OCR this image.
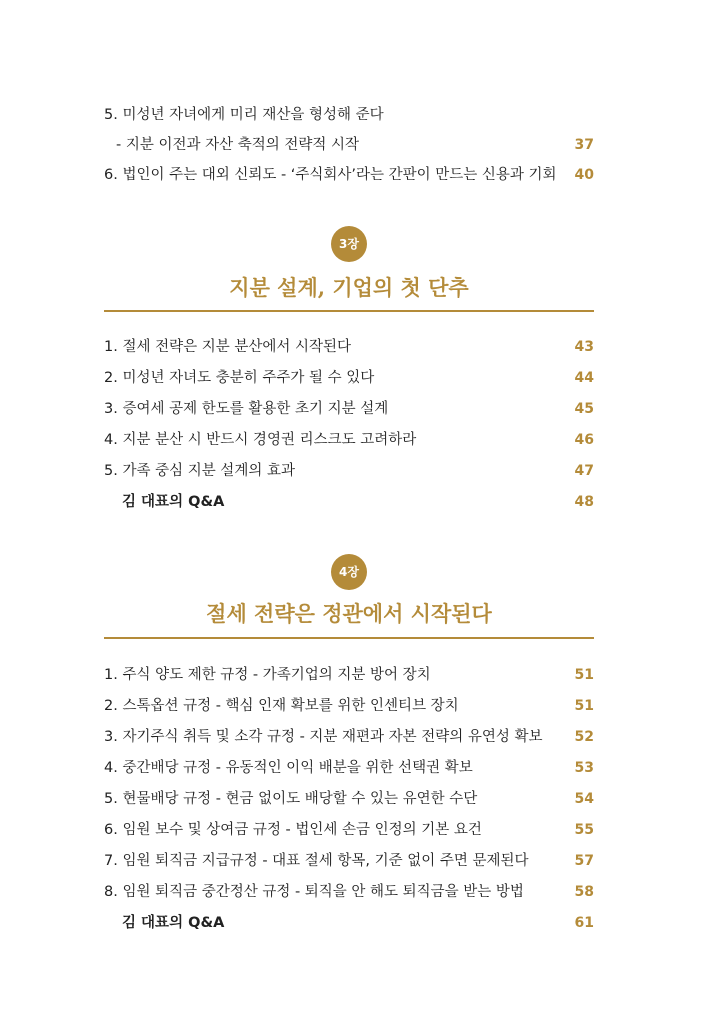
5. 미성년 자녀에게 미리 재산을 형성해 준다
- 지분 이전과 자산 축적의 전략적 시작	37
6. 법인이 주는 대외 신뢰도 - ‘주식회사’라는 간판이 만드는 신용과 기회 40
3장
지분 설계, 기업의 첫 단추
1. 절세 전략은 지분 분산에서 시작된다	43
2. 미성년 자녀도 충분히 주주가 될 수 있다	44
3. 증여세 공제 한도를 활용한 초기 지분 설계	45
4. 지분 분산 시 반드시 경영권 리스크도 고려하라	46
5. 가족 중심 지분 설계의 효과	47
김 대표의 Q&A	48
4장
절세 전략은 정관에서 시작된다
1. 주식 양도 제한 규정 - 가족기업의 지분 방어 장치	51
2. 스톡옵션 규정 - 핵심 인재 확보를 위한 인센티브 장치	51
3. 자기주식 취득 및 소각 규정 - 지분 재편과 자본 전략의 유연성 확보 52
4. 중간배당 규정 - 유동적인 이익 배분을 위한 선택권 확보	53
5. 현물배당 규정 - 현금 없이도 배당할 수 있는 유연한 수단	54
6. 임원 보수 및 상여금 규정 - 법인세 손금 인정의 기본 요건	55
7. 임원 퇴직금 지급규정 - 대표 절세 항목, 기준 없이 주면 문제된다	57
8. 임원 퇴직금 중간정산 규정 - 퇴직을 안 해도 퇴직금을 받는 방법	58
김 대표의 Q&A	61
